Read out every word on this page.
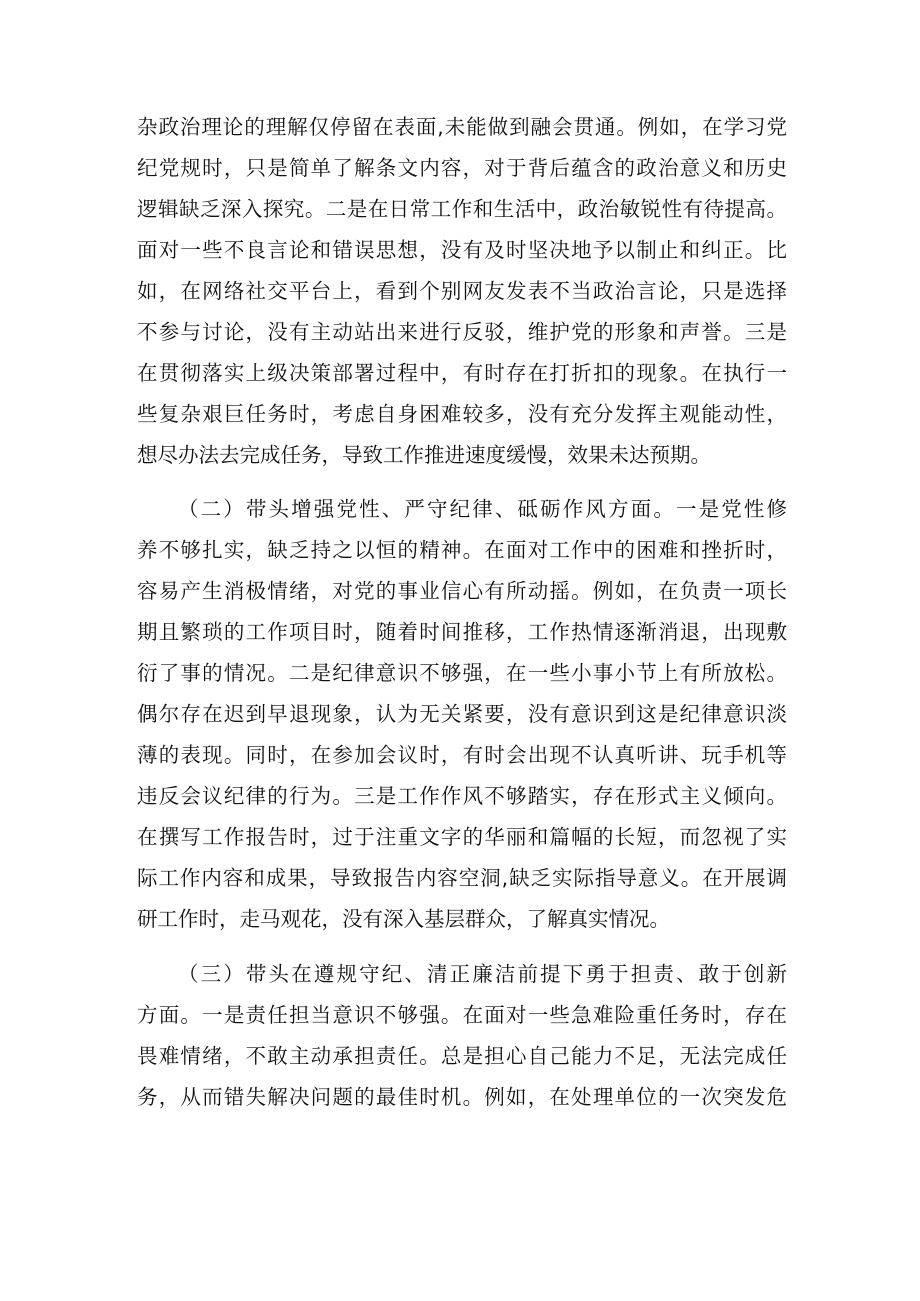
杂政治理论的理解仅停留在表面,未能做到融会贯通。例如，在学习党
纪党规时，只是简单了解条文内容，对于背后蕴含的政治意义和历史
逻辑缺乏深入探究。二是在日常工作和生活中，政治敏锐性有待提高。
面对一些不良言论和错误思想，没有及时坚决地予以制止和纠正。比
如，在网络社交平台上，看到个别网友发表不当政治言论，只是选择
不参与讨论，没有主动站出来进行反驳，维护党的形象和声誉。三是
在贯彻落实上级决策部署过程中，有时存在打折扣的现象。在执行一
些复杂艰巨任务时，考虑自身困难较多，没有充分发挥主观能动性，
想尽办法去完成任务，导致工作推进速度缓慢，效果未达预期。
（二）带头增强党性、严守纪律、砥砺作风方面。一是党性修
养不够扎实，缺乏持之以恒的精神。在面对工作中的困难和挫折时，
容易产生消极情绪，对党的事业信心有所动摇。例如，在负责一项长
期且繁琐的工作项目时，随着时间推移，工作热情逐渐消退，出现敷
衍了事的情况。二是纪律意识不够强，在一些小事小节上有所放松。
偶尔存在迟到早退现象，认为无关紧要，没有意识到这是纪律意识淡
薄的表现。同时，在参加会议时，有时会出现不认真听讲、玩手机等
违反会议纪律的行为。三是工作作风不够踏实，存在形式主义倾向。
在撰写工作报告时，过于注重文字的华丽和篇幅的长短，而忽视了实
际工作内容和成果，导致报告内容空洞,缺乏实际指导意义。在开展调
研工作时，走马观花，没有深入基层群众，了解真实情况。
（三）带头在遵规守纪、清正廉洁前提下勇于担责、敢于创新
方面。一是责任担当意识不够强。在面对一些急难险重任务时，存在
畏难情绪，不敢主动承担责任。总是担心自己能力不足，无法完成任
务，从而错失解决问题的最佳时机。例如，在处理单位的一次突发危
